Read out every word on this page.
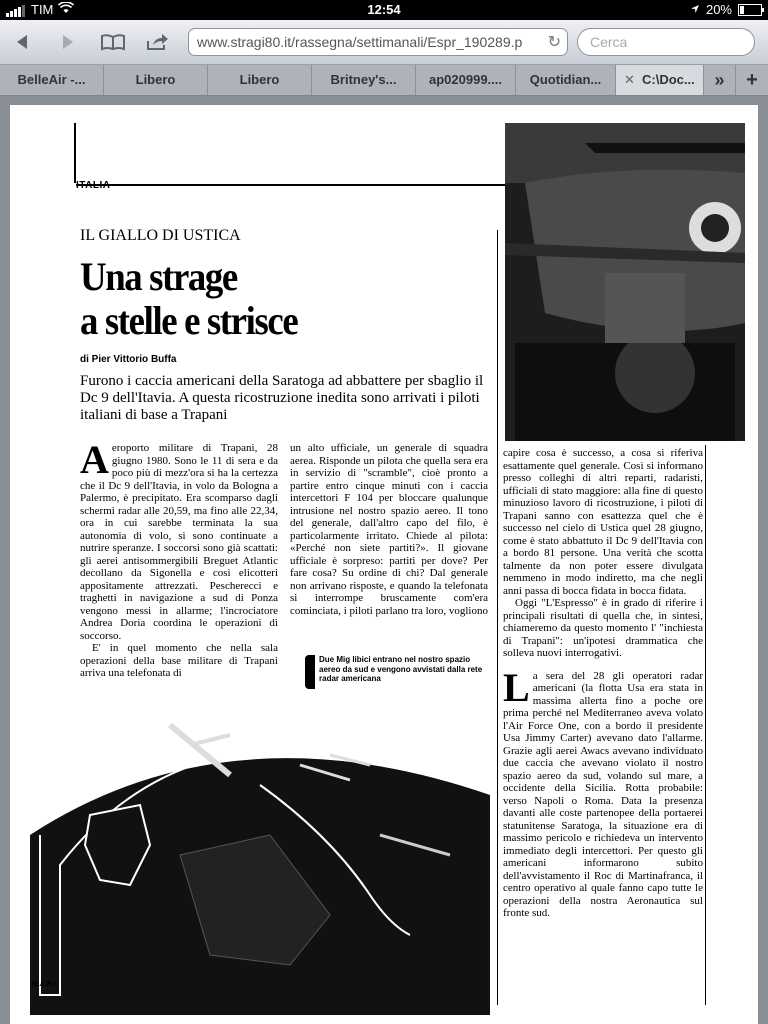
TIM	12:54	20%
www.stragi80.it/rassegna/settimanali/Espr_190289.p ↻	Cerca
BelleAir -...	Libero	Libero	Britney's...	ap020999....	Quotidian...	✕ C:\Doc...	»	+
ITALIA
IL GIALLO DI USTICA
Una strage
a stelle e strisce
di Pier Vittorio Buffa
Furono i caccia americani della Saratoga ad abbattere per sbaglio il Dc 9 dell'Itavia. A questa ricostruzione inedita sono arrivati i piloti italiani di base a Trapani

Aeroporto militare di Trapani, 28 giugno 1980. Sono le 11 di sera e da poco più di mezz'ora si ha la certezza che il Dc 9 dell'Itavia, in volo da Bologna a Palermo, è precipitato. Era scomparso dagli schermi radar alle 20,59, ma fino alle 22,34, ora in cui sarebbe terminata la sua autonomia di volo, si sono continuate a nutrire speranze. I soccorsi sono già scattati: gli aerei antisommergibili Breguet Atlantic decollano da Sigonella e così elicotteri appositamente attrezzati. Pescherecci e traghetti in navigazione a sud di Ponza vengono messi in allarme; l'incrociatore Andrea Doria coordina le operazioni di soccorso.

E' in quel momento che nella sala operazioni della base militare di Trapani arriva una telefonata di

un alto ufficiale, un generale di squadra aerea. Risponde un pilota che quella sera era in servizio di "scramble", cioè pronto a partire entro cinque minuti con i caccia intercettori F 104 per bloccare qualunque intrusione nel nostro spazio aereo. Il tono del generale, dall'altro capo del filo, è particolarmente irritato. Chiede al pilota: «Perché non siete partiti?». Il giovane ufficiale è sorpreso: partiti per dove? Per fare cosa? Su ordine di chi? Dal generale non arrivano risposte, e quando la telefonata si interrompe bruscamente com'era cominciata, i piloti parlano tra loro, vogliono

Due Mig libici entrano nel nostro spazio aereo da sud e vengono avvistati dalla rete radar americana
M.A.R.I.

capire cosa è successo, a cosa si riferiva esattamente quel generale. Così si informano presso colleghi di altri reparti, radaristi, ufficiali di stato maggiore: alla fine di questo minuzioso lavoro di ricostruzione, i piloti di Trapani sanno con esattezza quel che è successo nel cielo di Ustica quel 28 giugno, come è stato abbattuto il Dc 9 dell'Itavia con a bordo 81 persone. Una verità che scotta talmente da non poter essere divulgata nemmeno in modo indiretto, ma che negli anni passa di bocca fidata in bocca fidata.

Oggi "L'Espresso" è in grado di riferire i principali risultati di quella che, in sintesi, chiameremo da questo momento l' "inchiesta di Trapani": un'ipotesi drammatica che solleva nuovi interrogativi.

La sera del 28 gli operatori radar americani (la flotta Usa era stata in massima allerta fino a poche ore prima perché nel Mediterraneo aveva volato l'Air Force One, con a bordo il presidente Usa Jimmy Carter) avevano dato l'allarme. Grazie agli aerei Awacs avevano individuato due caccia che avevano violato il nostro spazio aereo da sud, volando sul mare, a occidente della Sicilia. Rotta probabile: verso Napoli o Roma. Data la presenza davanti alle coste partenopee della portaerei statunitense Saratoga, la situazione era di massimo pericolo e richiedeva un intervento immediato degli intercettori. Per questo gli americani informarono subito dell'avvistamento il Roc di Martinafranca, il centro operativo al quale fanno capo tutte le operazioni della nostra Aeronautica sul fronte sud.
